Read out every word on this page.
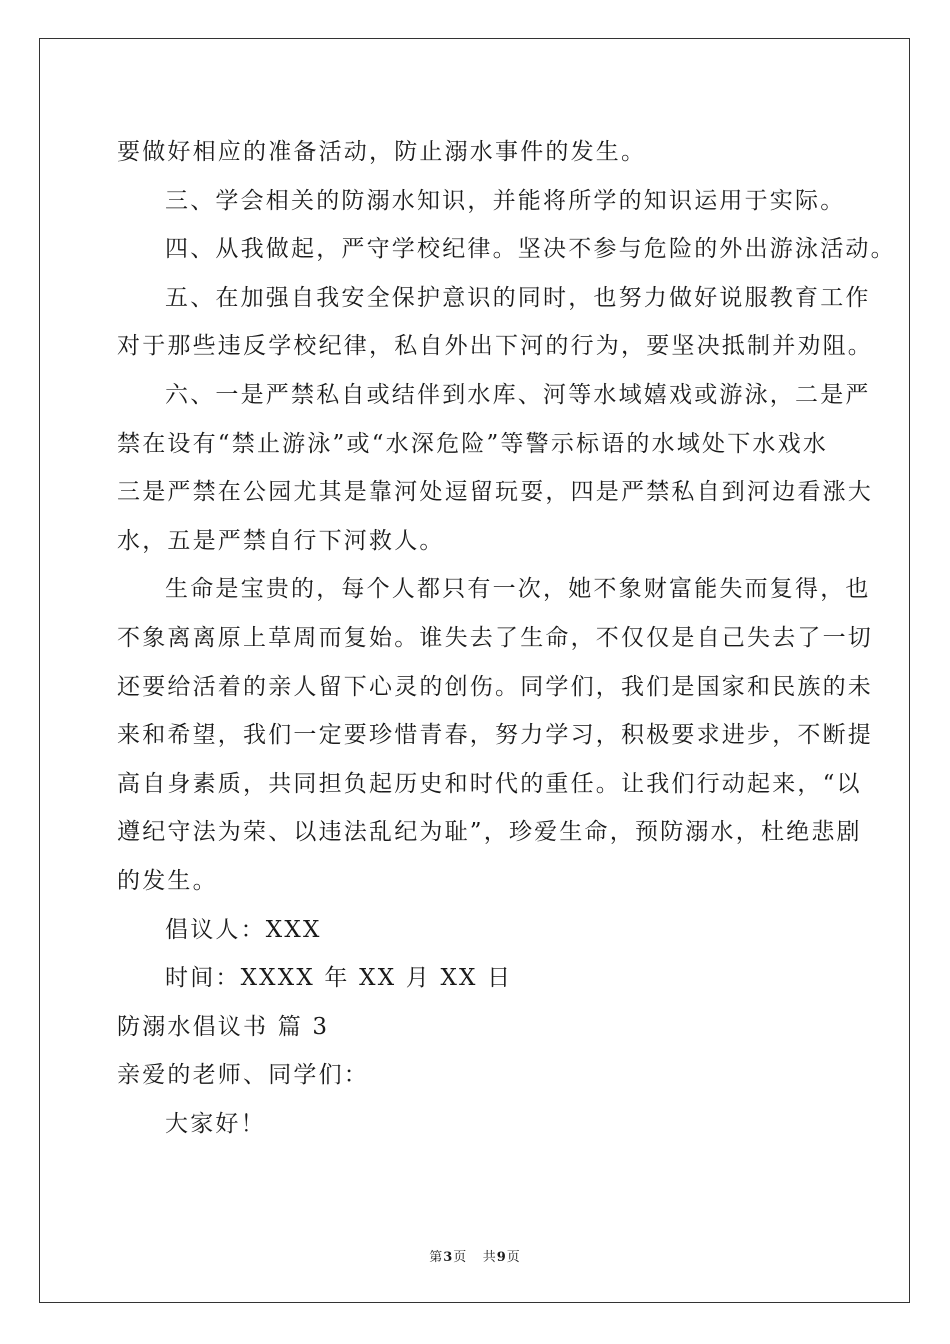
要做好相应的准备活动，防止溺水事件的发生。
三、学会相关的防溺水知识，并能将所学的知识运用于实际。
四、从我做起，严守学校纪律。坚决不参与危险的外出游泳活动。
五、在加强自我安全保护意识的同时，也努力做好说服教育工作
对于那些违反学校纪律，私自外出下河的行为，要坚决抵制并劝阻。
六、一是严禁私自或结伴到水库、河等水域嬉戏或游泳，二是严
禁在设有“禁止游泳”或“水深危险”等警示标语的水域处下水戏水
三是严禁在公园尤其是靠河处逗留玩耍，四是严禁私自到河边看涨大
水，五是严禁自行下河救人。
生命是宝贵的，每个人都只有一次，她不象财富能失而复得，也
不象离离原上草周而复始。谁失去了生命，不仅仅是自己失去了一切
还要给活着的亲人留下心灵的创伤。同学们，我们是国家和民族的未
来和希望，我们一定要珍惜青春，努力学习，积极要求进步，不断提
高自身素质，共同担负起历史和时代的重任。让我们行动起来，“以
遵纪守法为荣、以违法乱纪为耻”，珍爱生命，预防溺水，杜绝悲剧
的发生。
倡议人：XXX
时间：XXXX 年 XX 月 XX 日
防溺水倡议书 篇 3
亲爱的老师、同学们：
大家好！
第3页 共9页
